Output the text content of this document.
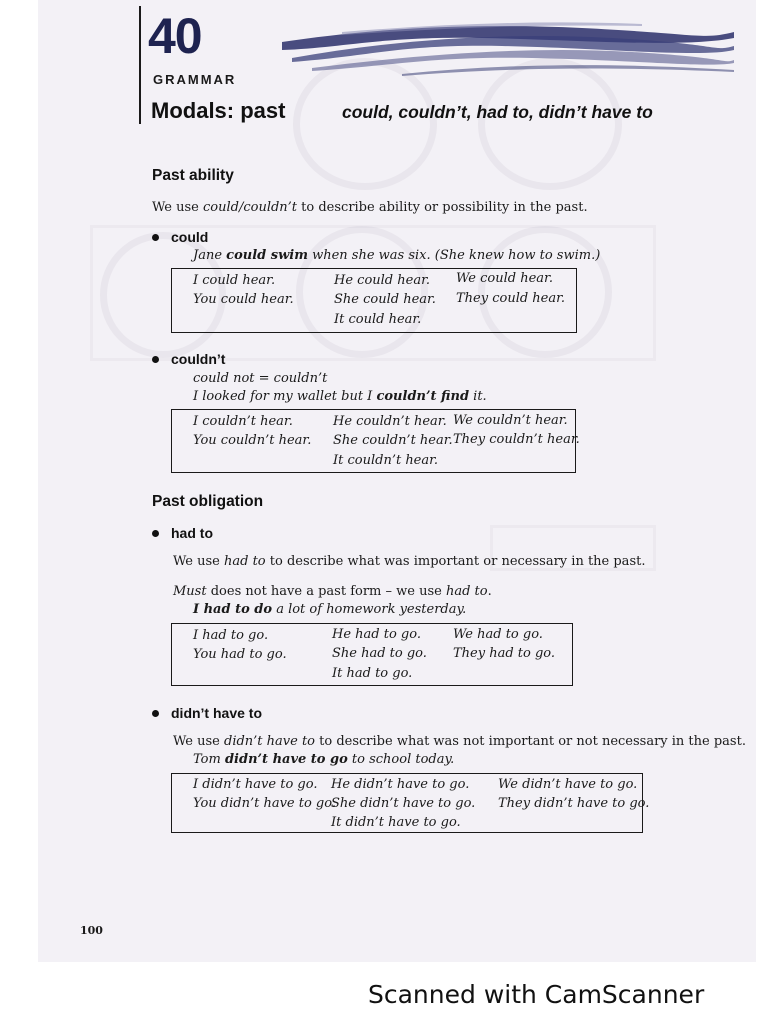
40
GRAMMAR
Modals: past	could, couldn’t, had to, didn’t have to
Past ability
We use could/couldn’t to describe ability or possibility in the past.
could
Jane could swim when she was six. (She knew how to swim.)
I could hear.
You could hear.
He could hear.
She could hear.
It could hear.
We could hear.
They could hear.
couldn’t
could not = couldn’t
I looked for my wallet but I couldn’t find it.
I couldn’t hear.
You couldn’t hear.
He couldn’t hear.
She couldn’t hear.
It couldn’t hear.
We couldn’t hear.
They couldn’t hear.
Past obligation
had to
We use had to to describe what was important or necessary in the past.
Must does not have a past form – we use had to.
I had to do a lot of homework yesterday.
I had to go.
You had to go.
He had to go.
She had to go.
It had to go.
We had to go.
They had to go.
didn’t have to
We use didn’t have to to describe what was not important or not necessary in the past.
Tom didn’t have to go to school today.
I didn’t have to go.
You didn’t have to go.
He didn’t have to go.
She didn’t have to go.
It didn’t have to go.
We didn’t have to go.
They didn’t have to go.
100
Scanned with CamScanner
